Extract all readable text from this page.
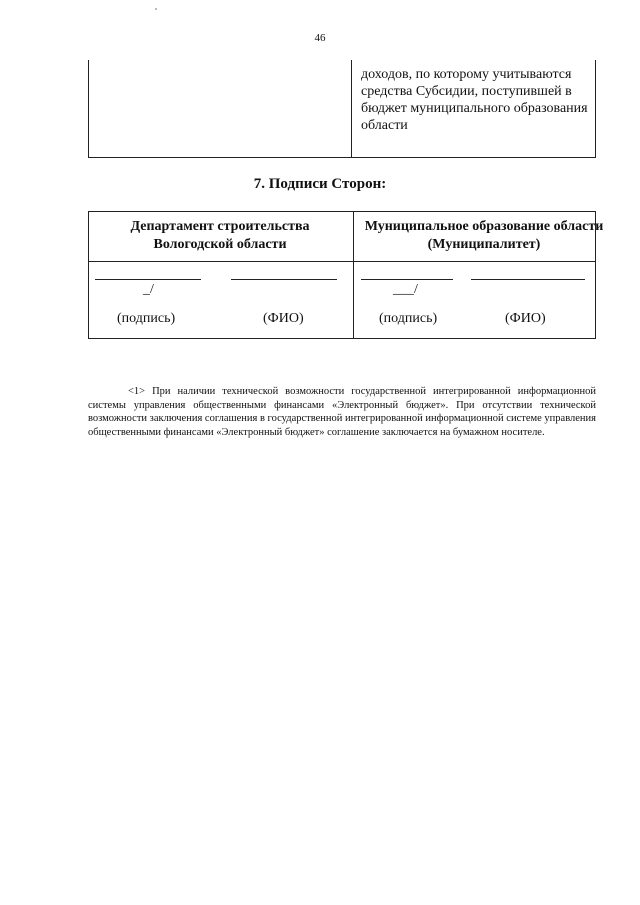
46
доходов, по которому учитываются средства Субсидии, поступившей в бюджет муниципального образования области
7. Подписи Сторон:
Департамент строительства Вологодской области
Муниципальное образование области (Муниципалитет)
_/
(подпись)	(ФИО)
___/
(подпись)	(ФИО)
<1> При наличии технической возможности государственной интегрированной информационной системы управления общественными финансами «Электронный бюджет». При отсутствии технической возможности заключения соглашения в государственной интегрированной информационной системе управления общественными финансами «Электронный бюджет» соглашение заключается на бумажном носителе.
